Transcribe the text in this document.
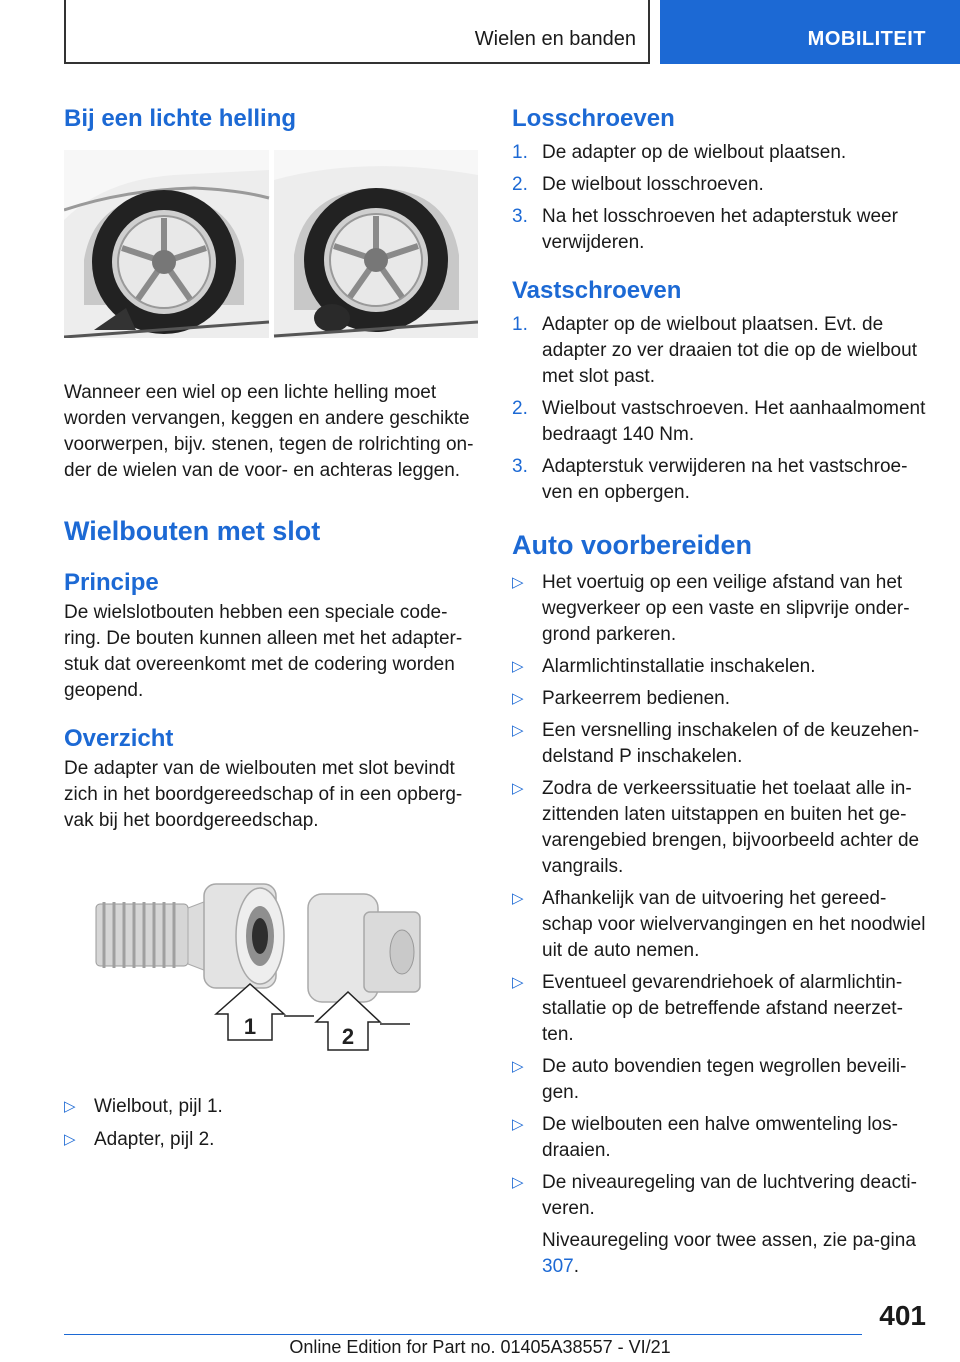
Wielen en banden	MOBILITEIT
Bij een lichte helling

Wanneer een wiel op een lichte helling moet worden vervangen, keggen en andere geschikte voorwerpen, bijv. stenen, tegen de rolrichting on-der de wielen van de voor- en achteras leggen.

Wielbouten met slot
Principe

De wielslotbouten hebben een speciale code-ring. De bouten kunnen alleen met het adapter-stuk dat overeenkomt met de codering worden geopend.

Overzicht

De adapter van de wielbouten met slot bevindt zich in het boordgereedschap of in een opberg-vak bij het boordgereedschap.

1	2
▷ Wielbout, pijl 1.
▷ Adapter, pijl 2.
Losschroeven
1. De adapter op de wielbout plaatsen.
2. De wielbout losschroeven.
3. Na het losschroeven het adapterstuk weer verwijderen.
Vastschroeven
1. Adapter op de wielbout plaatsen. Evt. de adapter zo ver draaien tot die op de wielbout met slot past.
2. Wielbout vastschroeven. Het aanhaalmoment bedraagt 140 Nm.
3. Adapterstuk verwijderen na het vastschroe-ven en opbergen.
Auto voorbereiden
▷ Het voertuig op een veilige afstand van het wegverkeer op een vaste en slipvrije onder-grond parkeren.
▷ Alarmlichtinstallatie inschakelen.
▷ Parkeerrem bedienen.
▷ Een versnelling inschakelen of de keuzehen-delstand P inschakelen.
▷ Zodra de verkeerssituatie het toelaat alle in-zittenden laten uitstappen en buiten het ge-varengebied brengen, bijvoorbeeld achter de vangrails.
▷ Afhankelijk van de uitvoering het gereed-schap voor wielvervangingen en het noodwiel uit de auto nemen.
▷ Eventueel gevarendriehoek of alarmlichtin-stallatie op de betreffende afstand neerzet-ten.
▷ De auto bovendien tegen wegrollen beveili-gen.
▷ De wielbouten een halve omwenteling los-draaien.
▷ De niveauregeling van de luchtvering deacti-veren.

Niveauregeling voor twee assen, zie pa-gina 307.

401
Online Edition for Part no. 01405A38557 - VI/21
